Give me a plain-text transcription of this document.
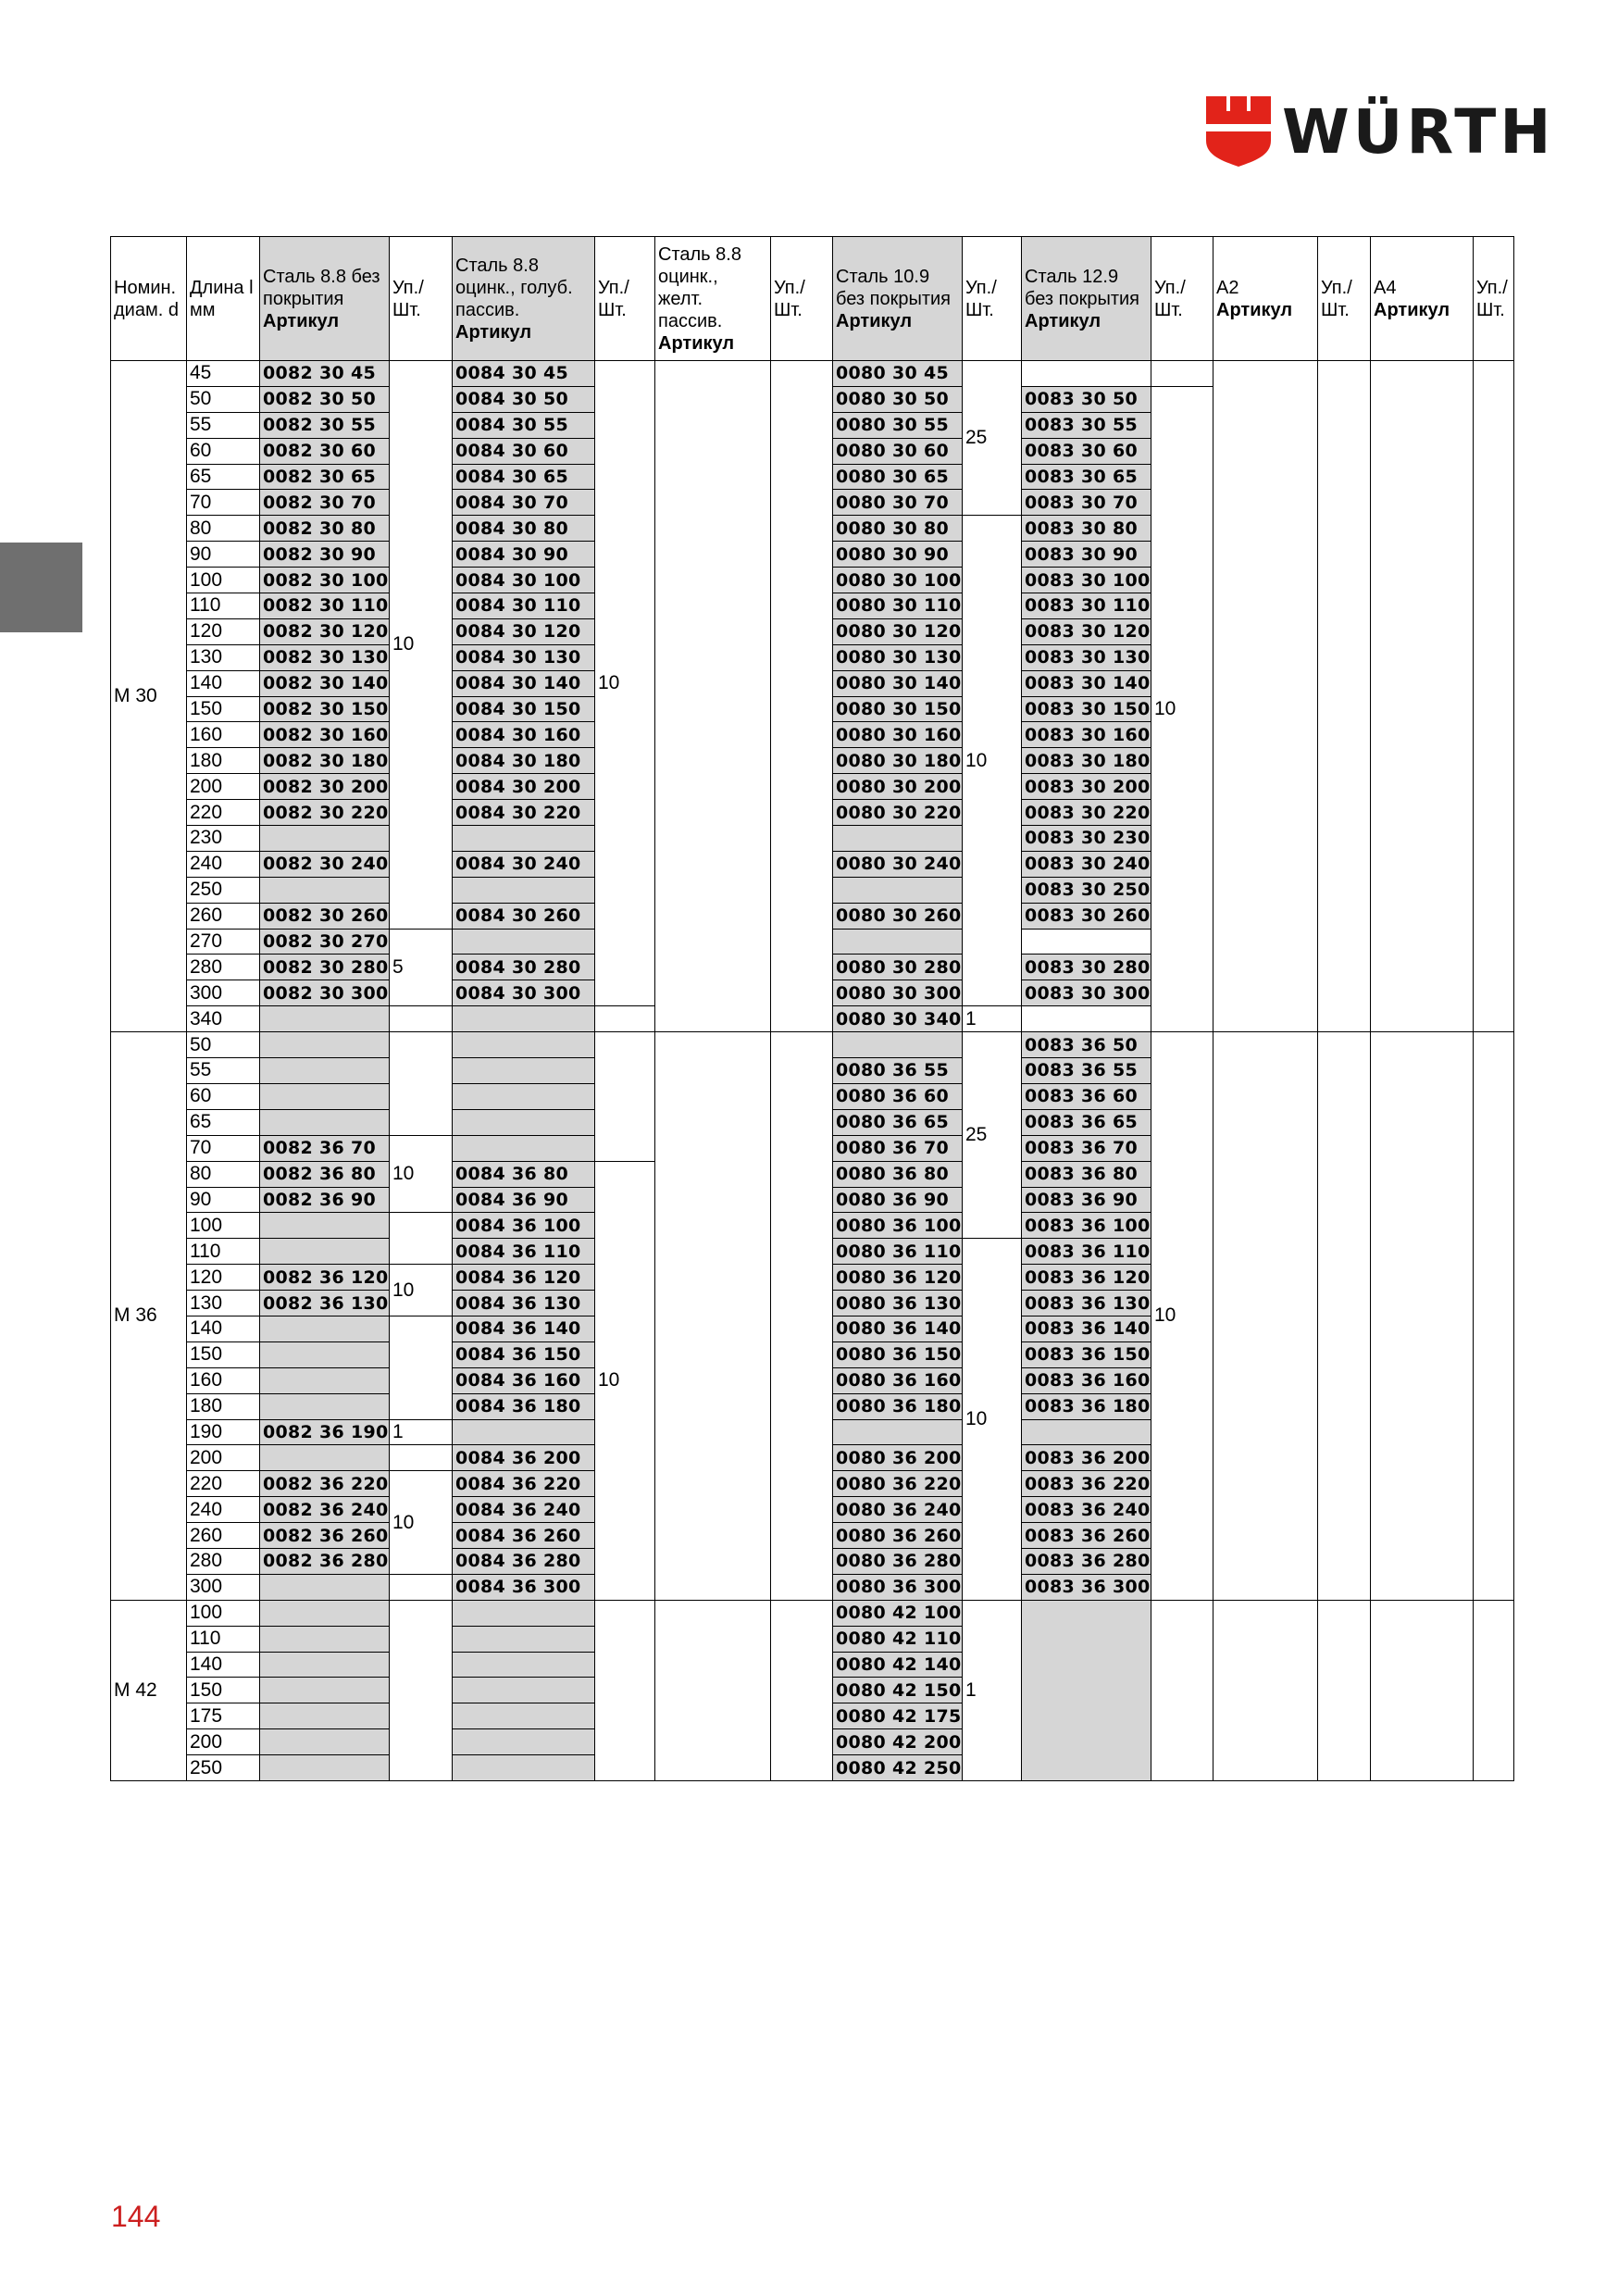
WÜRTH
Номин. диам. d	Длина l мм	Сталь 8.8 без покрытия
Артикул	Уп./ Шт.	Сталь 8.8 оцинк., голуб. пассив.
Артикул	Уп./ Шт.	Сталь 8.8 оцинк., желт. пассив.
Артикул	Уп./ Шт.	Сталь 10.9 без покрытия
Артикул	Уп./ Шт.	Сталь 12.9 без покрытия
Артикул	Уп./ Шт.	A2
Артикул	Уп./ Шт.	A4
Артикул	Уп./ Шт.
M 30	45	0082 30 45	10	0084 30 45	10			0080 30 45	25						
	50	0082 30 50		0084 30 50				0080 30 50		0083 30 50	10				
	55	0082 30 55		0084 30 55				0080 30 55		0083 30 55					
	60	0082 30 60		0084 30 60				0080 30 60		0083 30 60					
	65	0082 30 65		0084 30 65				0080 30 65		0083 30 65					
	70	0082 30 70		0084 30 70				0080 30 70		0083 30 70					
	80	0082 30 80		0084 30 80				0080 30 80	10	0083 30 80					
	90	0082 30 90		0084 30 90				0080 30 90		0083 30 90					
	100	0082 30 100		0084 30 100				0080 30 100		0083 30 100					
	110	0082 30 110		0084 30 110				0080 30 110		0083 30 110					
	120	0082 30 120		0084 30 120				0080 30 120		0083 30 120					
	130	0082 30 130		0084 30 130				0080 30 130		0083 30 130					
	140	0082 30 140		0084 30 140				0080 30 140		0083 30 140					
	150	0082 30 150		0084 30 150				0080 30 150		0083 30 150					
	160	0082 30 160		0084 30 160				0080 30 160		0083 30 160					
	180	0082 30 180		0084 30 180				0080 30 180		0083 30 180					
	200	0082 30 200		0084 30 200				0080 30 200		0083 30 200					
	220	0082 30 220		0084 30 220				0080 30 220		0083 30 220					
	230									0083 30 230					
	240	0082 30 240		0084 30 240				0080 30 240		0083 30 240					
	250									0083 30 250					
	260	0082 30 260		0084 30 260				0080 30 260		0083 30 260					
	270	0082 30 270	5												
	280	0082 30 280		0084 30 280				0080 30 280		0083 30 280					
	300	0082 30 300		0084 30 300				0080 30 300		0083 30 300					
	340							0080 30 340	1						
M 36	50								25	0083 36 50	10				
	55							0080 36 55		0083 36 55					
	60							0080 36 60		0083 36 60					
	65							0080 36 65		0083 36 65					
	70	0082 36 70	10					0080 36 70		0083 36 70					
	80	0082 36 80		0084 36 80	10			0080 36 80		0083 36 80					
	90	0082 36 90		0084 36 90				0080 36 90		0083 36 90					
	100			0084 36 100				0080 36 100		0083 36 100					
	110			0084 36 110				0080 36 110	10	0083 36 110					
	120	0082 36 120	10	0084 36 120				0080 36 120		0083 36 120					
	130	0082 36 130		0084 36 130				0080 36 130		0083 36 130					
	140			0084 36 140				0080 36 140		0083 36 140					
	150			0084 36 150				0080 36 150		0083 36 150					
	160			0084 36 160				0080 36 160		0083 36 160					
	180			0084 36 180				0080 36 180		0083 36 180					
	190	0082 36 190	1												
	200			0084 36 200				0080 36 200		0083 36 200					
	220	0082 36 220	10	0084 36 220				0080 36 220		0083 36 220					
	240	0082 36 240		0084 36 240				0080 36 240		0083 36 240					
	260	0082 36 260		0084 36 260				0080 36 260		0083 36 260					
	280	0082 36 280		0084 36 280				0080 36 280		0083 36 280					
	300			0084 36 300				0080 36 300		0083 36 300					
M 42	100							0080 42 100	1						
	110							0080 42 110							
	140							0080 42 140							
	150							0080 42 150							
	175							0080 42 175							
	200							0080 42 200							
	250							0080 42 250							
144
